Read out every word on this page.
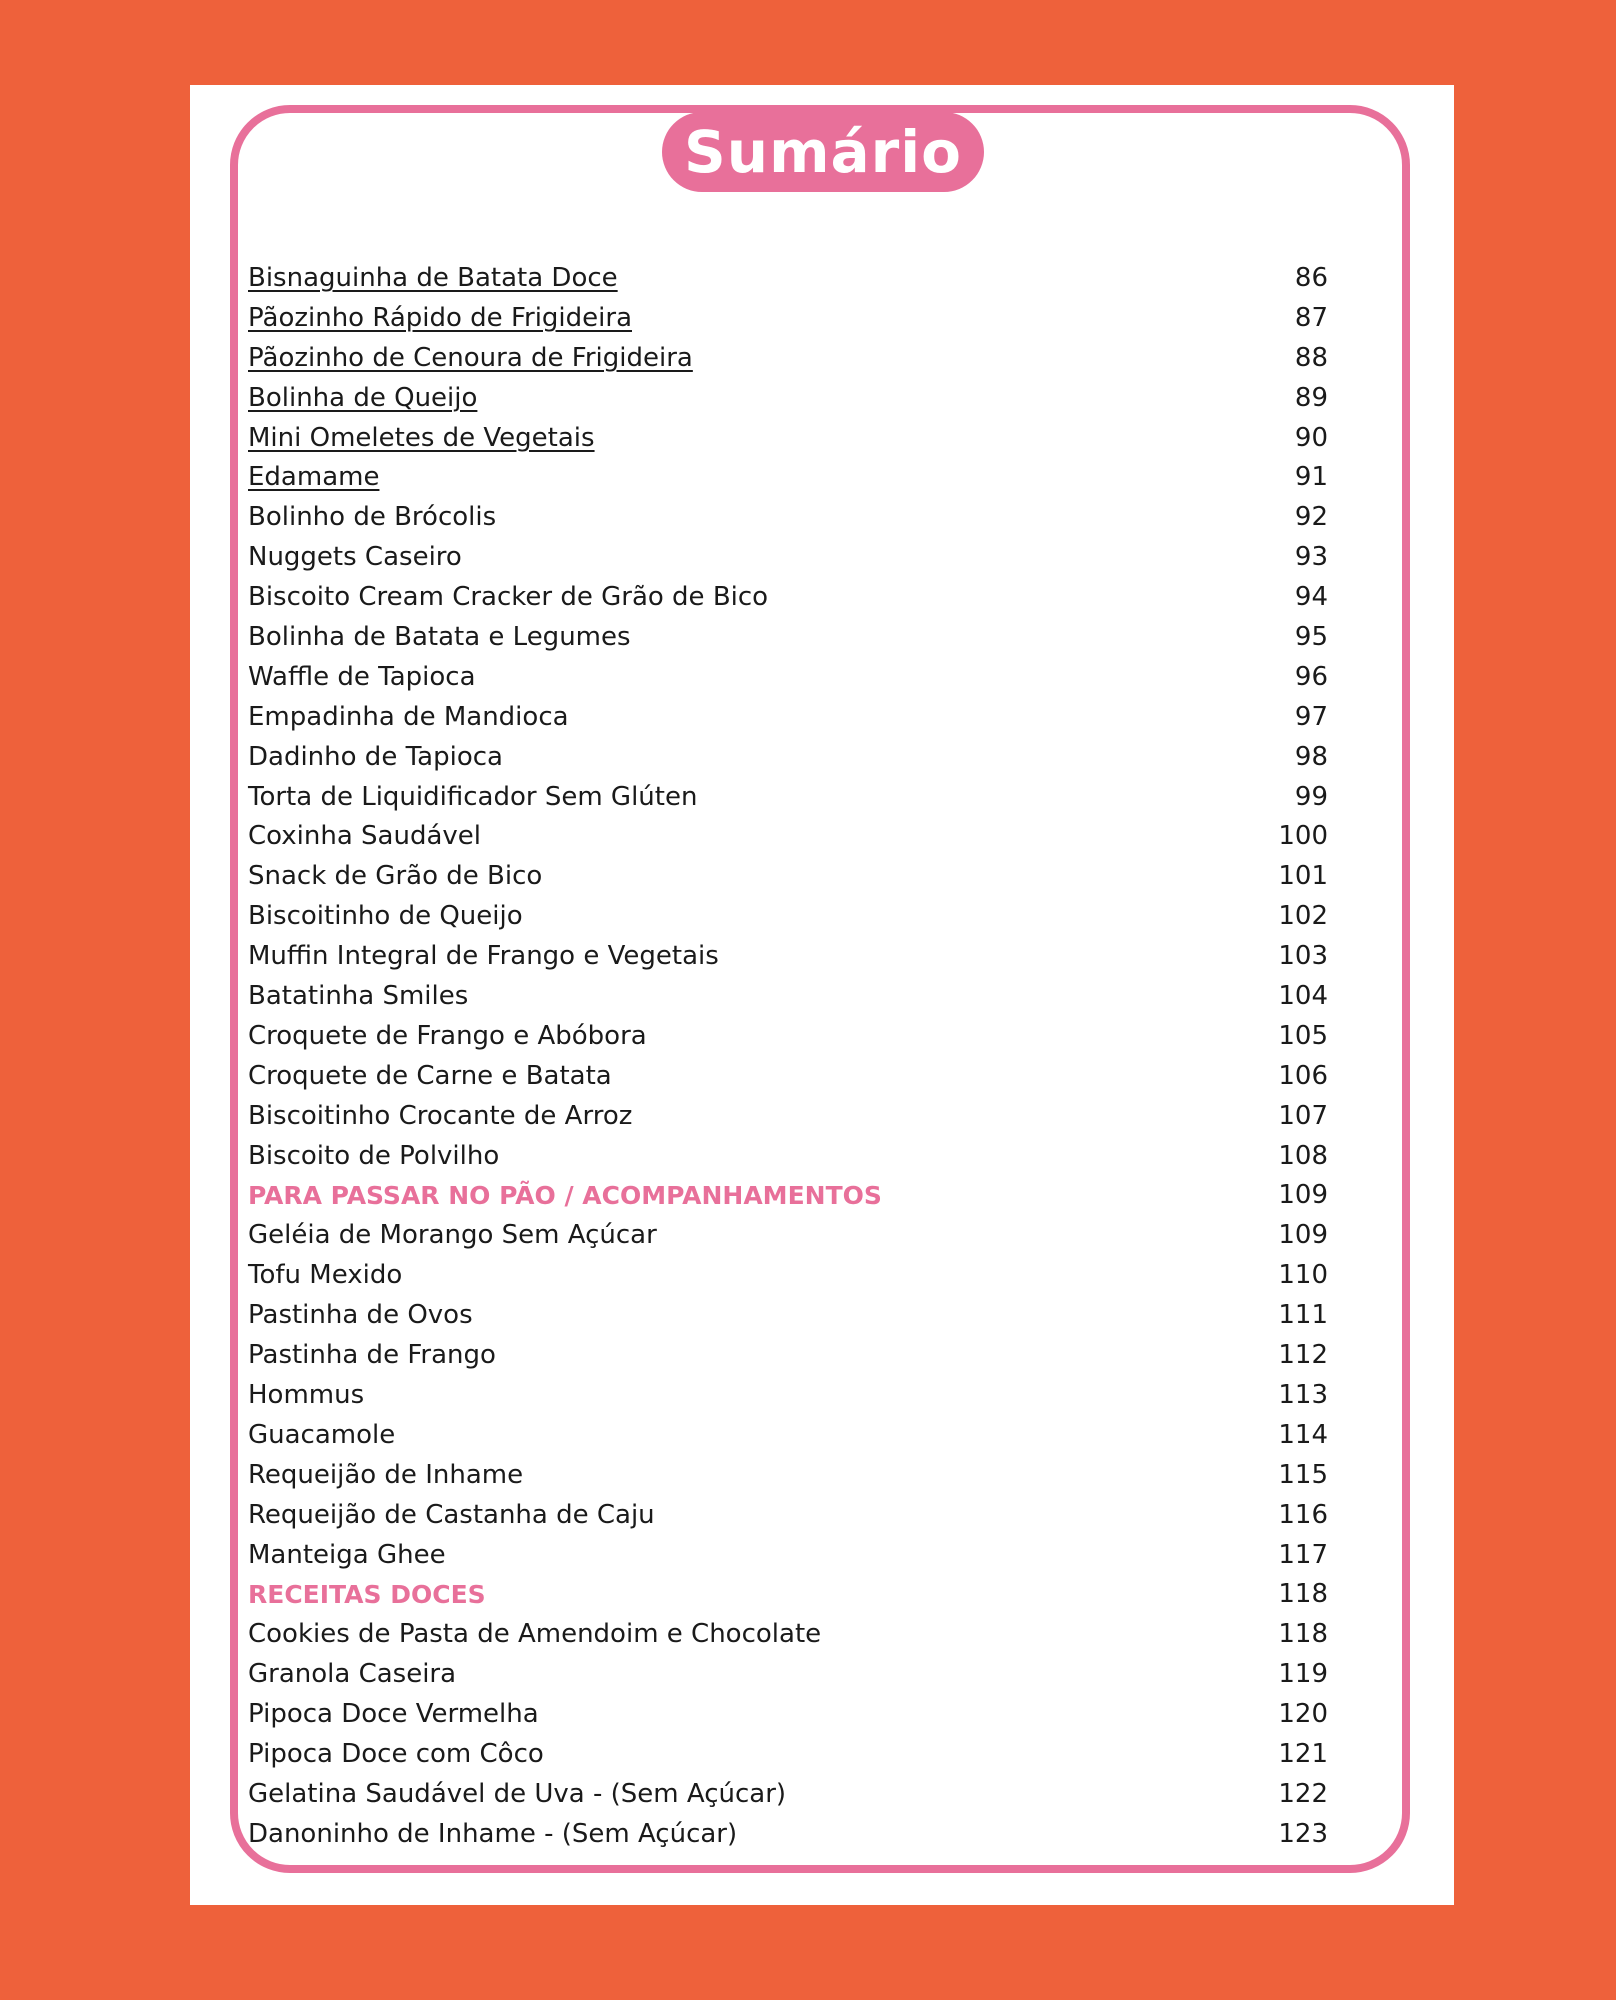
Sumário
Bisnaguinha de Batata Doce	86
Pãozinho Rápido de Frigideira	87
Pãozinho de Cenoura de Frigideira	88
Bolinha de Queijo	89
Mini Omeletes de Vegetais	90
Edamame	91
Bolinho de Brócolis	92
Nuggets Caseiro	93
Biscoito Cream Cracker de Grão de Bico	94
Bolinha de Batata e Legumes	95
Waffle de Tapioca	96
Empadinha de Mandioca	97
Dadinho de Tapioca	98
Torta de Liquidificador Sem Glúten	99
Coxinha Saudável	100
Snack de Grão de Bico	101
Biscoitinho de Queijo	102
Muffin Integral de Frango e Vegetais	103
Batatinha Smiles	104
Croquete de Frango e Abóbora	105
Croquete de Carne e Batata	106
Biscoitinho Crocante de Arroz	107
Biscoito de Polvilho	108
PARA PASSAR NO PÃO / ACOMPANHAMENTOS	109
Geléia de Morango Sem Açúcar	109
Tofu Mexido	110
Pastinha de Ovos	111
Pastinha de Frango	112
Hommus	113
Guacamole	114
Requeijão de Inhame	115
Requeijão de Castanha de Caju	116
Manteiga Ghee	117
RECEITAS DOCES	118
Cookies de Pasta de Amendoim e Chocolate	118
Granola Caseira	119
Pipoca Doce Vermelha	120
Pipoca Doce com Côco	121
Gelatina Saudável de Uva - (Sem Açúcar)	122
Danoninho de Inhame - (Sem Açúcar)	123
